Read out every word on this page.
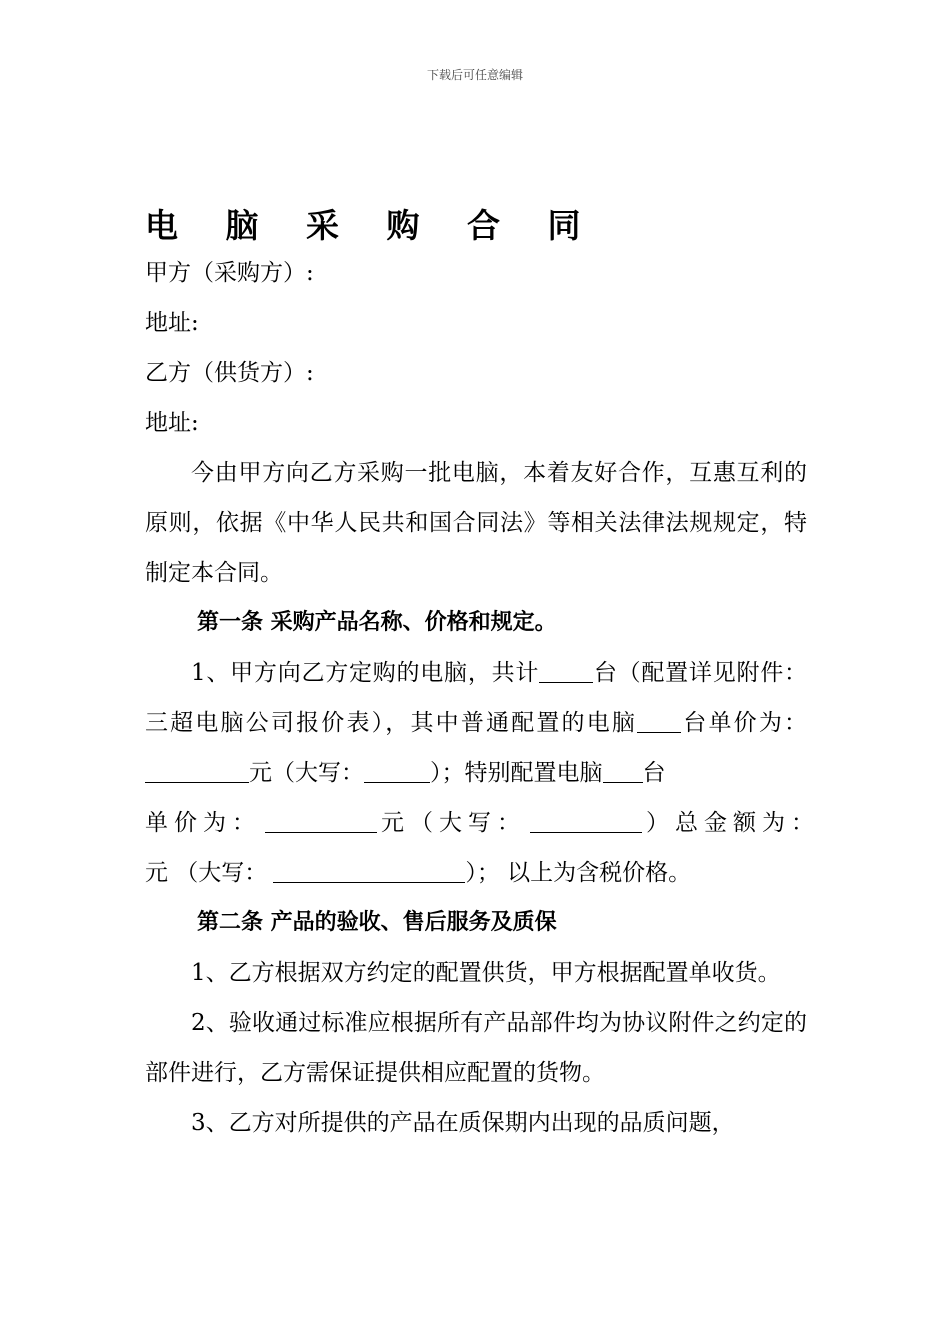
下载后可任意编辑
电 脑 采 购 合 同
甲方（采购方）:
地址:
乙方（供货方）:
地址:
今由甲方向乙方采购一批电脑，本着友好合作，互惠互利的原则，依据《中华人民共和国合同法》等相关法律法规规定，特制定本合同。
第一条 采购产品名称、价格和规定。
1、甲方向乙方定购的电脑，共计 台（配置详见附件：三超电脑公司报价表），其中普通配置的电脑 台单价为：元（大写：	）；特别配置电脑 台
单价为：	元（大写：	）总金额为：
元 （大写：	）； 以上为含税价格。
第二条 产品的验收、售后服务及质保
1、乙方根据双方约定的配置供货，甲方根据配置单收货。
2、验收通过标准应根据所有产品部件均为协议附件之约定的部件进行，乙方需保证提供相应配置的货物。
3、乙方对所提供的产品在质保期内出现的品质问题，
